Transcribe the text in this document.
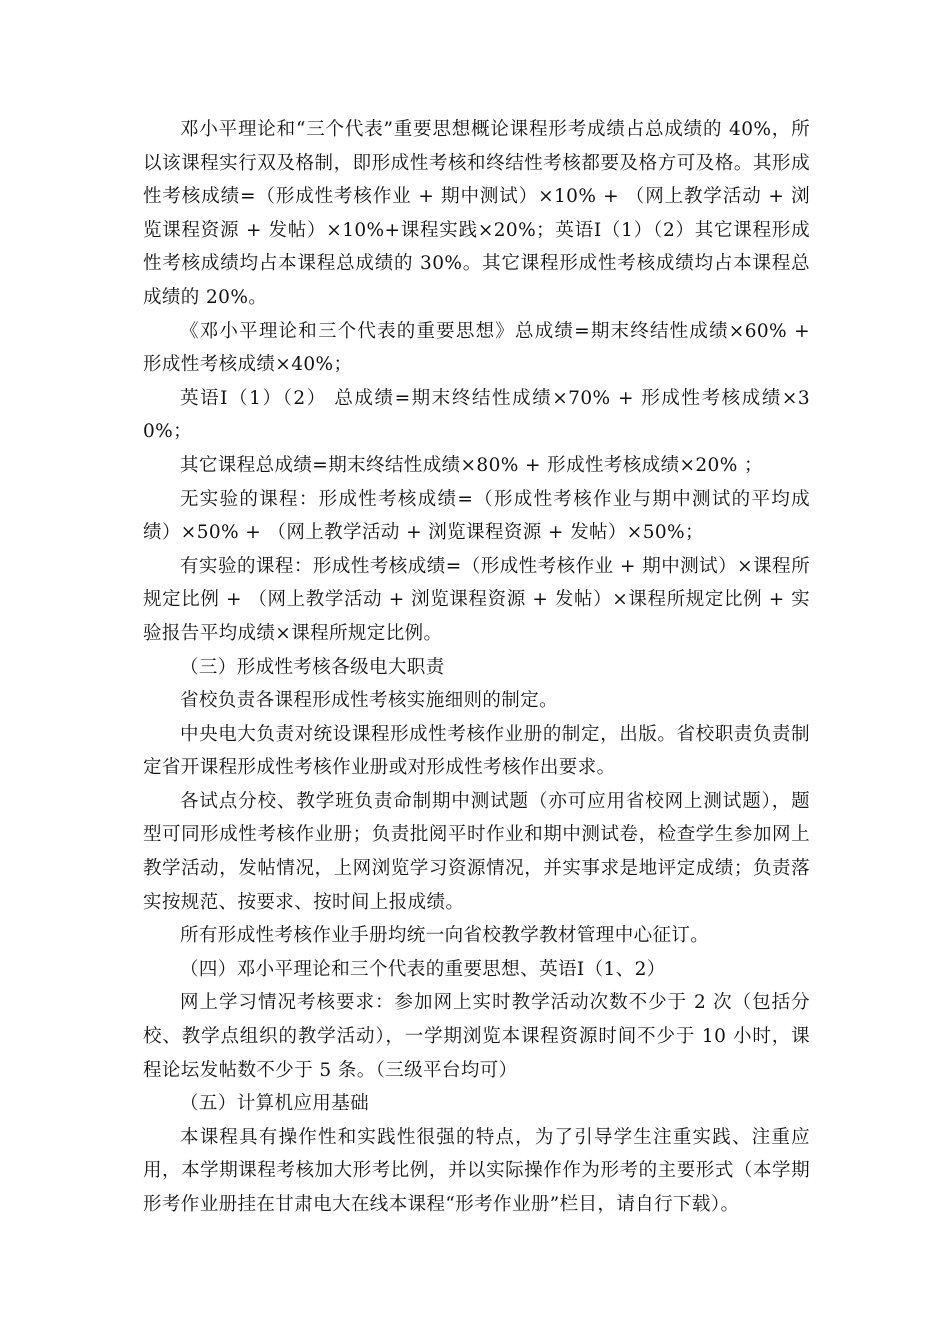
邓小平理论和“三个代表”重要思想概论课程形考成绩占总成绩的 40%，所以该课程实行双及格制，即形成性考核和终结性考核都要及格方可及格。其形成性考核成绩=（形成性考核作业 + 期中测试）×10% + （网上教学活动 + 浏览课程资源 + 发帖）×10%+课程实践×20%；英语Ⅰ（1）（2）其它课程形成性考核成绩均占本课程总成绩的 30%。其它课程形成性考核成绩均占本课程总成绩的 20%。

《邓小平理论和三个代表的重要思想》总成绩=期末终结性成绩×60% + 形成性考核成绩×40%；

英语Ⅰ（1）（2） 总成绩=期末终结性成绩×70% + 形成性考核成绩×30%；

其它课程总成绩=期末终结性成绩×80% + 形成性考核成绩×20% ；

无实验的课程：形成性考核成绩=（形成性考核作业与期中测试的平均成绩）×50% + （网上教学活动 + 浏览课程资源 + 发帖）×50%；

有实验的课程：形成性考核成绩=（形成性考核作业 + 期中测试）×课程所规定比例 + （网上教学活动 + 浏览课程资源 + 发帖）×课程所规定比例 + 实验报告平均成绩×课程所规定比例。

（三）形成性考核各级电大职责

省校负责各课程形成性考核实施细则的制定。

中央电大负责对统设课程形成性考核作业册的制定，出版。省校职责负责制定省开课程形成性考核作业册或对形成性考核作出要求。

各试点分校、教学班负责命制期中测试题（亦可应用省校网上测试题），题型可同形成性考核作业册；负责批阅平时作业和期中测试卷，检查学生参加网上教学活动，发帖情况，上网浏览学习资源情况，并实事求是地评定成绩；负责落实按规范、按要求、按时间上报成绩。

所有形成性考核作业手册均统一向省校教学教材管理中心征订。

（四）邓小平理论和三个代表的重要思想、英语Ⅰ（1、2）

网上学习情况考核要求：参加网上实时教学活动次数不少于 2 次（包括分校、教学点组织的教学活动），一学期浏览本课程资源时间不少于 10 小时，课程论坛发帖数不少于 5 条。（三级平台均可）

（五）计算机应用基础

本课程具有操作性和实践性很强的特点，为了引导学生注重实践、注重应用，本学期课程考核加大形考比例，并以实际操作作为形考的主要形式（本学期形考作业册挂在甘肃电大在线本课程“形考作业册”栏目，请自行下载）。
